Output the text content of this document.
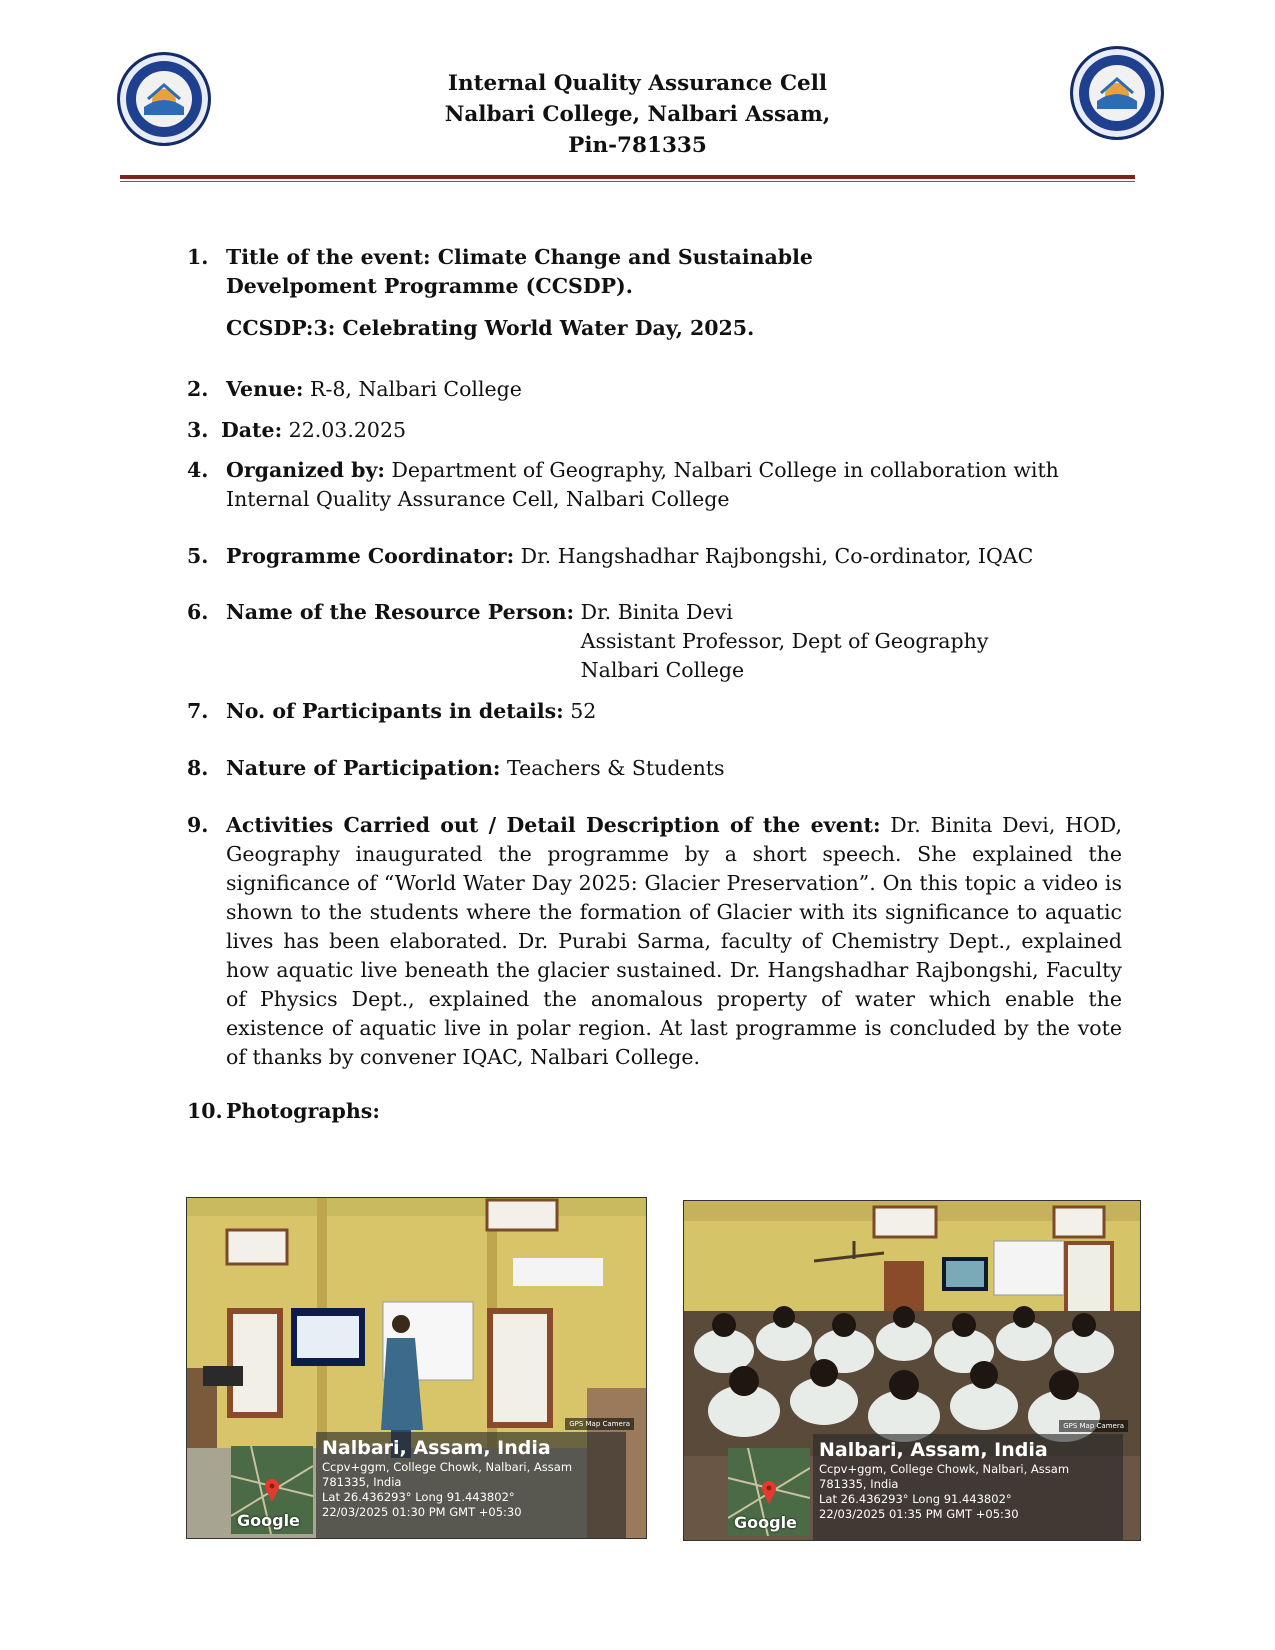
Internal Quality Assurance Cell
Nalbari College, Nalbari Assam,
Pin-781335
1. Title of the event: Climate Change and Sustainable Develpoment Programme (CCSDP).
CCSDP:3: Celebrating World Water Day, 2025.
2. Venue: R-8, Nalbari College
3. Date: 22.03.2025
4. Organized by: Department of Geography, Nalbari College in collaboration with Internal Quality Assurance Cell, Nalbari College
5. Programme Coordinator: Dr. Hangshadhar Rajbongshi, Co-ordinator, IQAC
6. Name of the Resource Person: Dr. Binita Devi
Assistant Professor, Dept of Geography
Nalbari College
7. No. of Participants in details: 52
8. Nature of Participation: Teachers & Students
9. Activities Carried out / Detail Description of the event: Dr. Binita Devi, HOD, Geography inaugurated the programme by a short speech. She explained the significance of “World Water Day 2025: Glacier Preservation”. On this topic a video is shown to the students where the formation of Glacier with its significance to aquatic lives has been elaborated. Dr. Purabi Sarma, faculty of Chemistry Dept., explained how aquatic live beneath the glacier sustained. Dr. Hangshadhar Rajbongshi, Faculty of Physics Dept., explained the anomalous property of water which enable the existence of aquatic live in polar region. At last programme is concluded by the vote of thanks by convener IQAC, Nalbari College.
10. Photographs:
GPS Map Camera
Google
Nalbari, Assam, India
Ccpv+ggm, College Chowk, Nalbari, Assam
781335, India
Lat 26.436293° Long 91.443802°
22/03/2025 01:30 PM GMT +05:30
GPS Map Camera
Google
Nalbari, Assam, India
Ccpv+ggm, College Chowk, Nalbari, Assam
781335, India
Lat 26.436293° Long 91.443802°
22/03/2025 01:35 PM GMT +05:30
